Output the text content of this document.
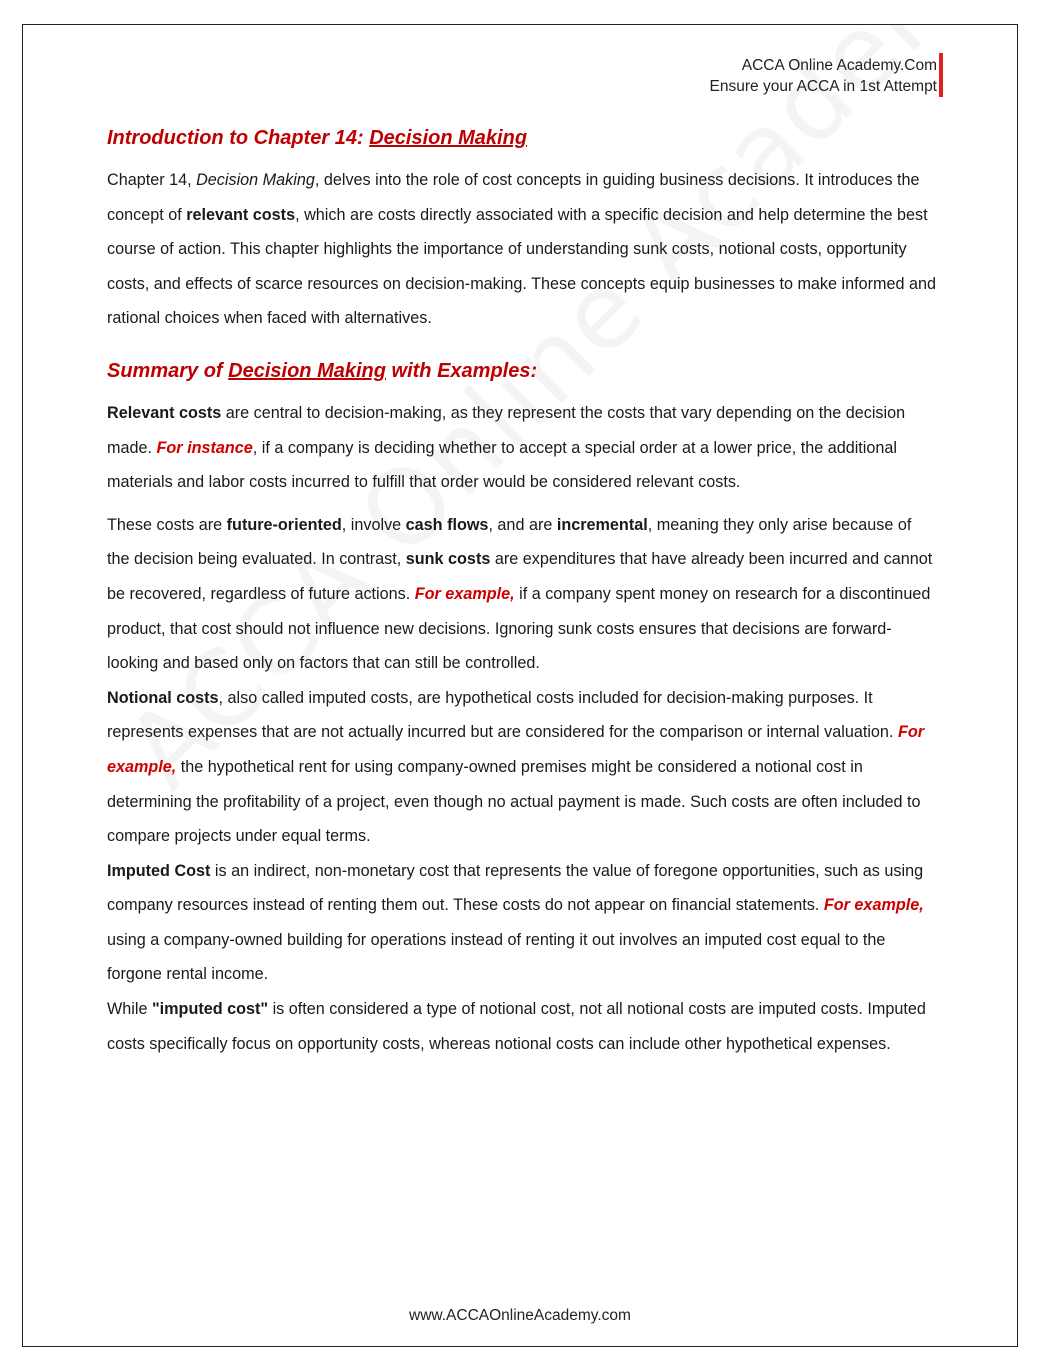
ACCA Online Academy.Com
Ensure your ACCA in 1st Attempt
Introduction to Chapter 14: Decision Making

Chapter 14, Decision Making, delves into the role of cost concepts in guiding business decisions. It introduces the concept of relevant costs, which are costs directly associated with a specific decision and help determine the best course of action. This chapter highlights the importance of understanding sunk costs, notional costs, opportunity costs, and effects of scarce resources on decision-making. These concepts equip businesses to make informed and rational choices when faced with alternatives.

Summary of Decision Making with Examples:

Relevant costs are central to decision-making, as they represent the costs that vary depending on the decision made. For instance, if a company is deciding whether to accept a special order at a lower price, the additional materials and labor costs incurred to fulfill that order would be considered relevant costs.

These costs are future-oriented, involve cash flows, and are incremental, meaning they only arise because of the decision being evaluated. In contrast, sunk costs are expenditures that have already been incurred and cannot be recovered, regardless of future actions. For example, if a company spent money on research for a discontinued product, that cost should not influence new decisions. Ignoring sunk costs ensures that decisions are forward-looking and based only on factors that can still be controlled.

Notional costs, also called imputed costs, are hypothetical costs included for decision-making purposes. It represents expenses that are not actually incurred but are considered for the comparison or internal valuation. For example, the hypothetical rent for using company-owned premises might be considered a notional cost in determining the profitability of a project, even though no actual payment is made. Such costs are often included to compare projects under equal terms.

Imputed Cost is an indirect, non-monetary cost that represents the value of foregone opportunities, such as using company resources instead of renting them out. These costs do not appear on financial statements. For example, using a company-owned building for operations instead of renting it out involves an imputed cost equal to the forgone rental income.

While "imputed cost" is often considered a type of notional cost, not all notional costs are imputed costs. Imputed costs specifically focus on opportunity costs, whereas notional costs can include other hypothetical expenses.

www.ACCAOnlineAcademy.com
